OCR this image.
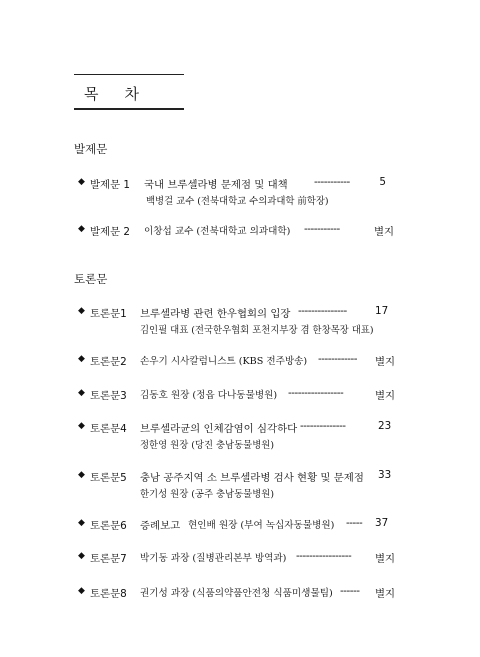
목 차
발제문
◆ 발제문 1 국내 브루셀라병 문제점 및 대책	-----------	5
백병걸 교수 (전북대학교 수의과대학 前학장)
◆ 발제문 2 이창섭 교수 (전북대학교 의과대학) -----------	별지
토론문
◆ 토론문1 브루셀라병 관련 한우협회의 입장 ---------------	17
김인필 대표 (전국한우협회 포천지부장 겸 한창목장 대표)
◆ 토론문2 손우기 시사칼럼니스트 (KBS 전주방송) ------------ 별지
◆ 토론문3 김동호 원장 (정읍 다나동물병원) -----------------	별지
◆ 토론문4 브루셀라균의 인체감염이 심각하다 --------------	23
정한영 원장 (당진 충남동물병원)
◆ 토론문5 충남 공주지역 소 브루셀라병 검사 현황 및 문제점 33
한기성 원장 (공주 충남동물병원)
◆ 토론문6 증례보고 현인배 원장 (부여 녹십자동물병원) ----- 37
◆ 토론문7 박기동 과장 (질병관리본부 방역과) ----------------- 별지
◆ 토론문8 권기성 과장 (식품의약품안전청 식품미생물팀) ------ 별지
